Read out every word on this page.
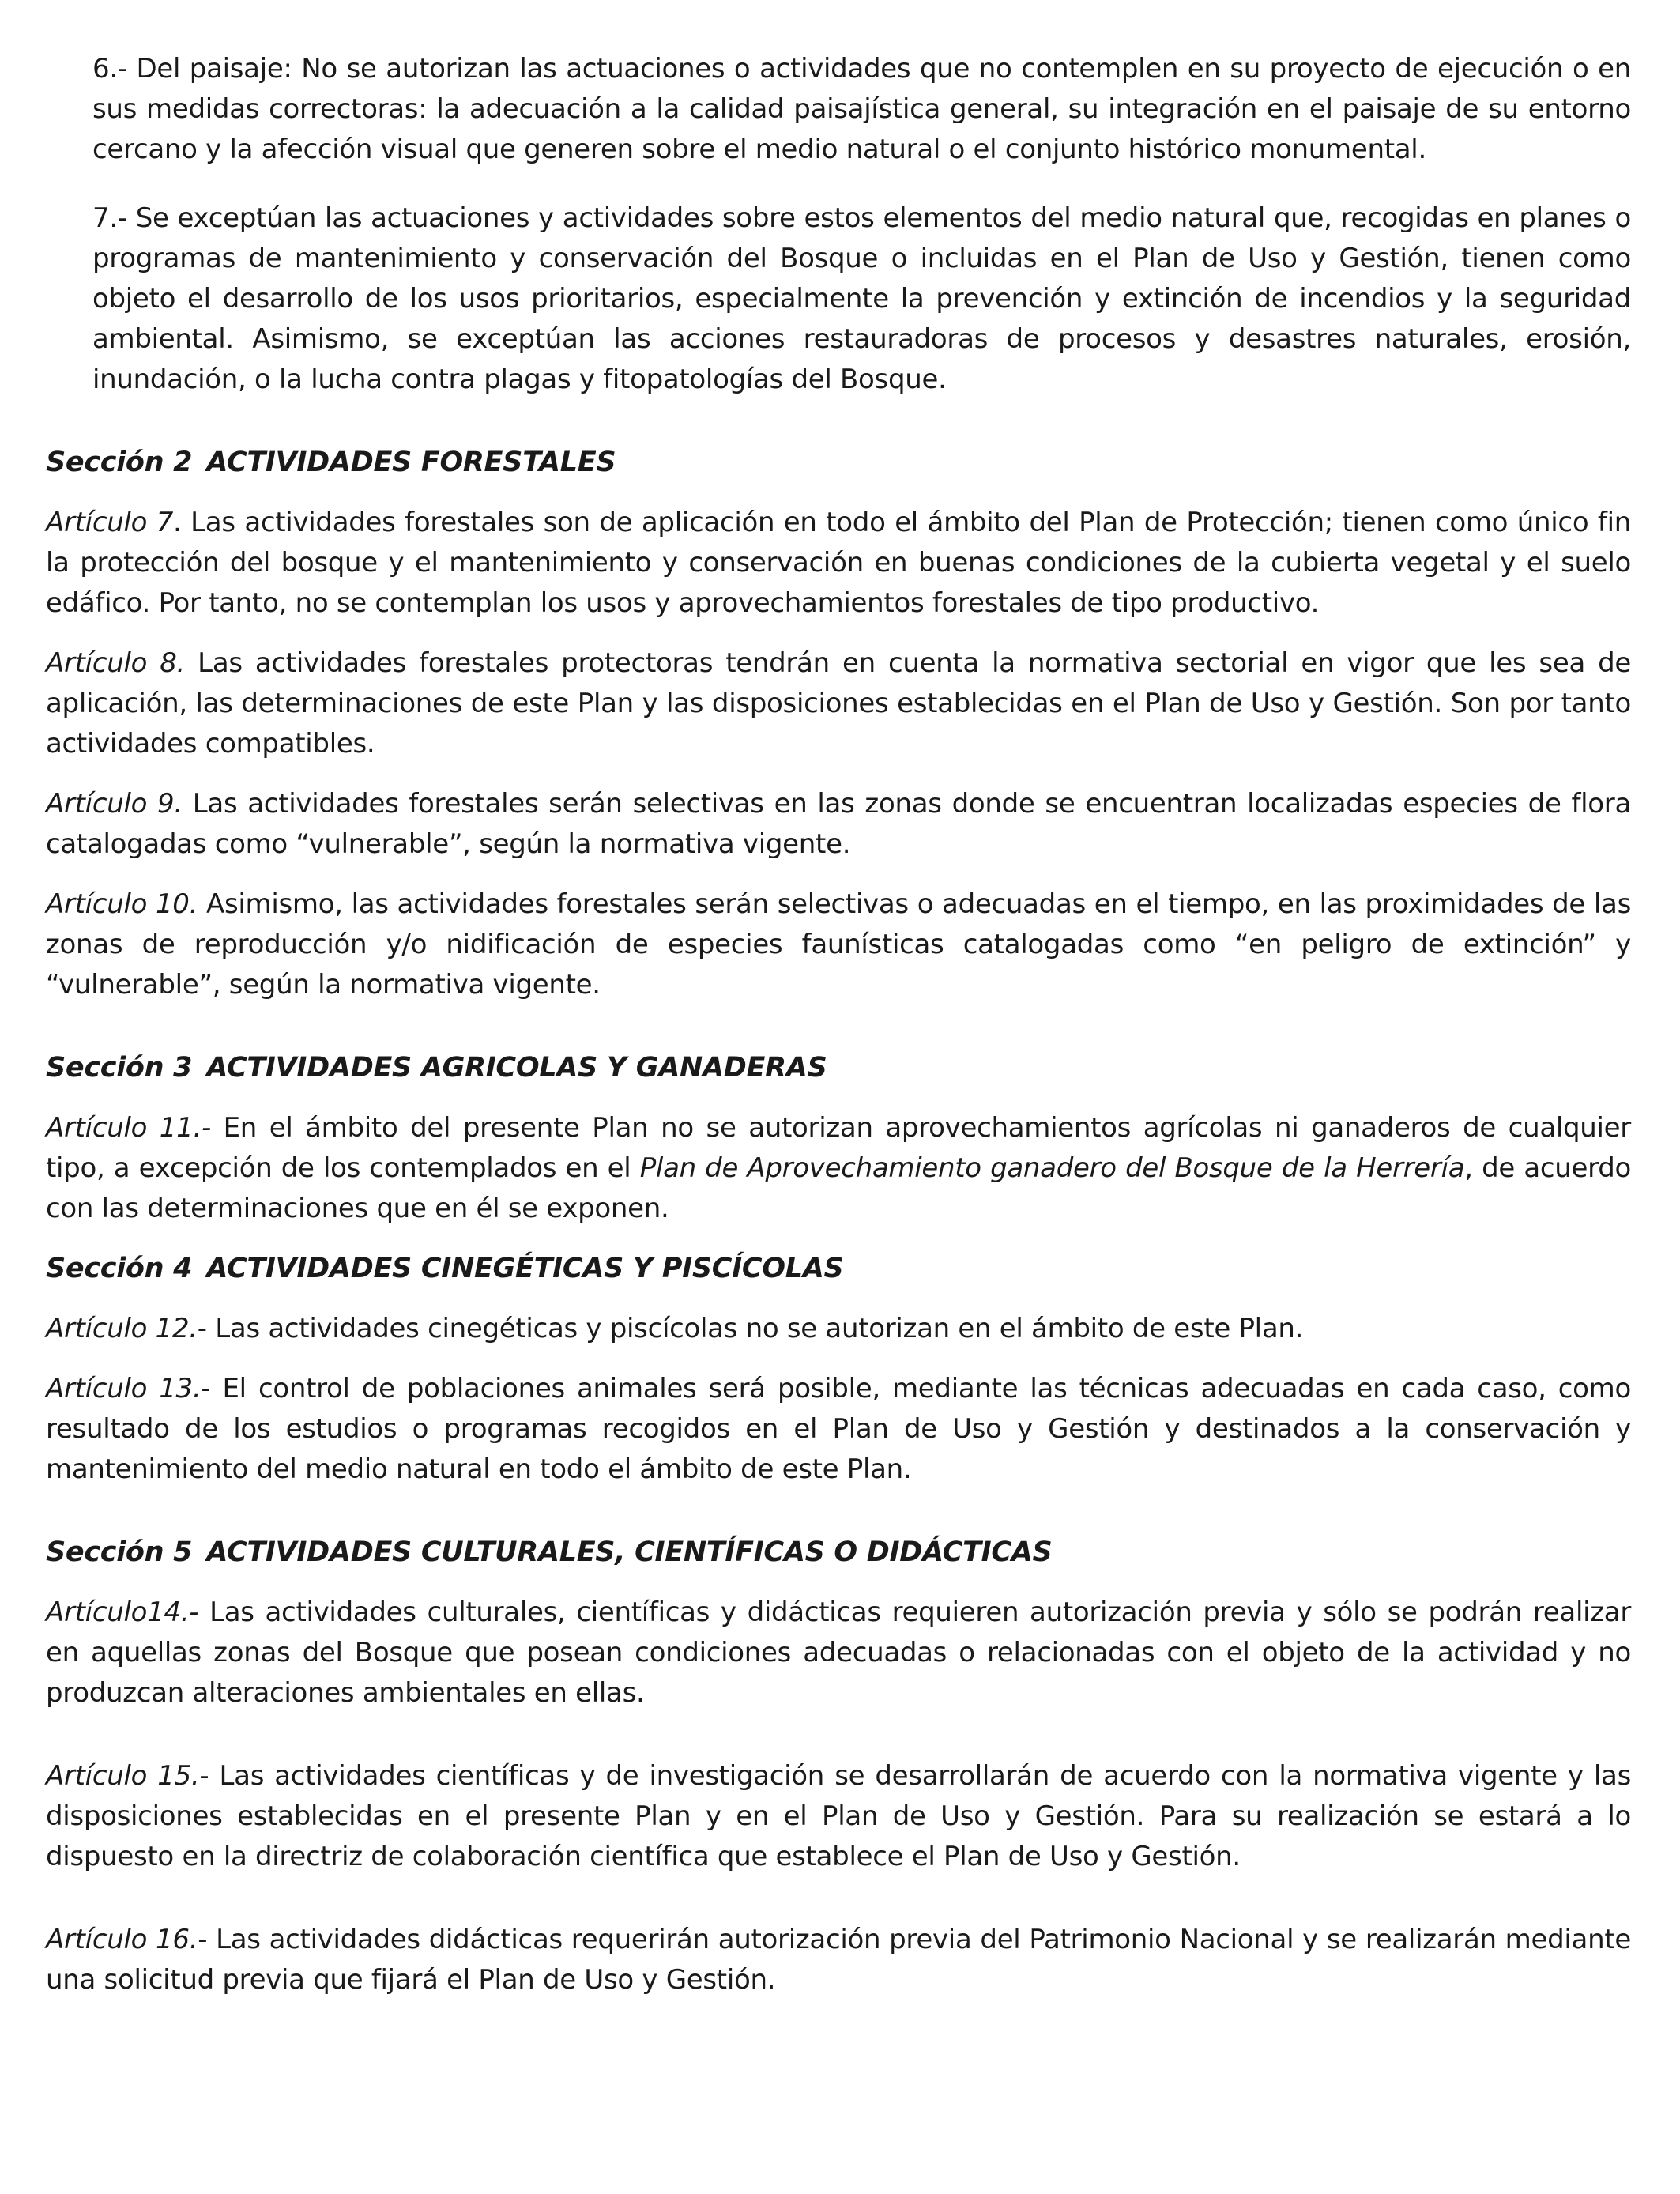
6.- Del paisaje: No se autorizan las actuaciones o actividades que no contemplen en su proyecto de ejecución o en sus medidas correctoras: la adecuación a la calidad paisajística general, su integración en el paisaje de su entorno cercano y la afección visual que generen sobre el medio natural o el conjunto histórico monumental.

7.- Se exceptúan las actuaciones y actividades sobre estos elementos del medio natural que, recogidas en planes o programas de mantenimiento y conservación del Bosque o incluidas en el Plan de Uso y Gestión, tienen como objeto el desarrollo de los usos prioritarios, especialmente la prevención y extinción de incendios y la seguridad ambiental. Asimismo, se exceptúan las acciones restauradoras de procesos y desastres naturales, erosión, inundación, o la lucha contra plagas y fitopatologías del Bosque.

Sección 2 ACTIVIDADES FORESTALES

Artículo 7. Las actividades forestales son de aplicación en todo el ámbito del Plan de Protección; tienen como único fin la protección del bosque y el mantenimiento y conservación en buenas condiciones de la cubierta vegetal y el suelo edáfico. Por tanto, no se contemplan los usos y aprovechamientos forestales de tipo productivo.

Artículo 8. Las actividades forestales protectoras tendrán en cuenta la normativa sectorial en vigor que les sea de aplicación, las determinaciones de este Plan y las disposiciones establecidas en el Plan de Uso y Gestión. Son por tanto actividades compatibles.

Artículo 9. Las actividades forestales serán selectivas en las zonas donde se encuentran localizadas especies de flora catalogadas como “vulnerable”, según la normativa vigente.

Artículo 10. Asimismo, las actividades forestales serán selectivas o adecuadas en el tiempo, en las proximidades de las zonas de reproducción y/o nidificación de especies faunísticas catalogadas como “en peligro de extinción” y “vulnerable”, según la normativa vigente.

Sección 3 ACTIVIDADES AGRICOLAS Y GANADERAS

Artículo 11.- En el ámbito del presente Plan no se autorizan aprovechamientos agrícolas ni ganaderos de cualquier tipo, a excepción de los contemplados en el Plan de Aprovechamiento ganadero del Bosque de la Herrería, de acuerdo con las determinaciones que en él se exponen.

Sección 4 ACTIVIDADES CINEGÉTICAS Y PISCÍCOLAS

Artículo 12.- Las actividades cinegéticas y piscícolas no se autorizan en el ámbito de este Plan.

Artículo 13.- El control de poblaciones animales será posible, mediante las técnicas adecuadas en cada caso, como resultado de los estudios o programas recogidos en el Plan de Uso y Gestión y destinados a la conservación y mantenimiento del medio natural en todo el ámbito de este Plan.

Sección 5 ACTIVIDADES CULTURALES, CIENTÍFICAS O DIDÁCTICAS

Artículo14.- Las actividades culturales, científicas y didácticas requieren autorización previa y sólo se podrán realizar en aquellas zonas del Bosque que posean condiciones adecuadas o relacionadas con el objeto de la actividad y no produzcan alteraciones ambientales en ellas.

Artículo 15.- Las actividades científicas y de investigación se desarrollarán de acuerdo con la normativa vigente y las disposiciones establecidas en el presente Plan y en el Plan de Uso y Gestión. Para su realización se estará a lo dispuesto en la directriz de colaboración científica que establece el Plan de Uso y Gestión.

Artículo 16.- Las actividades didácticas requerirán autorización previa del Patrimonio Nacional y se realizarán mediante una solicitud previa que fijará el Plan de Uso y Gestión.
